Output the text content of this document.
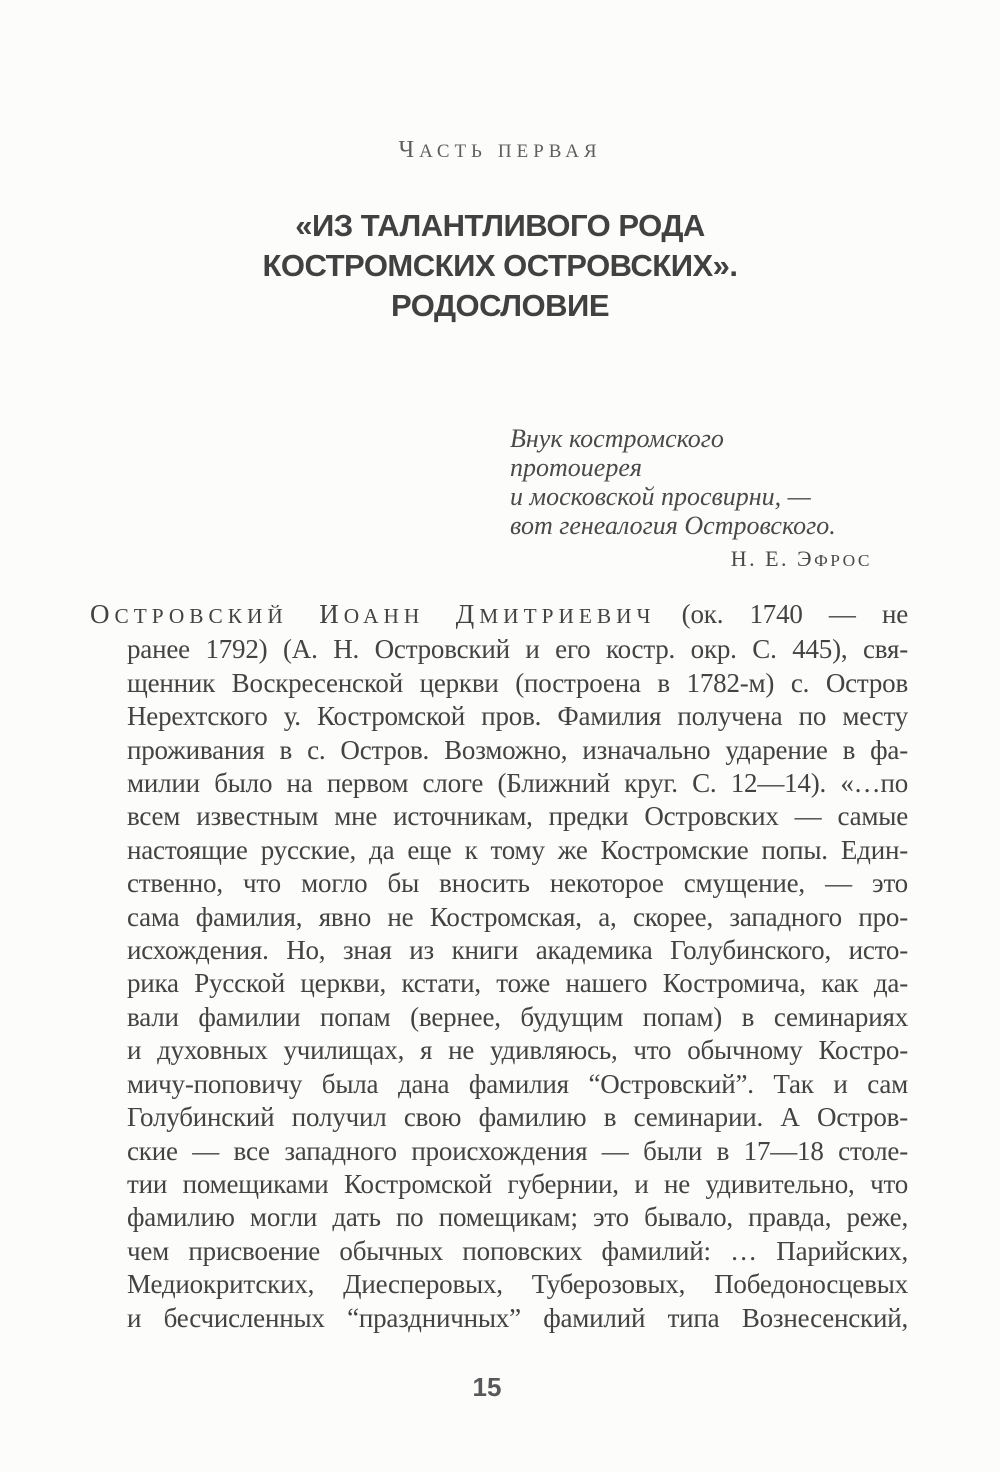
ЧАСТЬ ПЕРВАЯ
«ИЗ ТАЛАНТЛИВОГО РОДА
КОСТРОМСКИХ ОСТРОВСКИХ».
РОДОСЛОВИЕ
Внук костромского
протоиерея
и московской просвирни, —
вот генеалогия Островского.
Н. Е. ЭФРОС
ОСТРОВСКИЙ ИОАНН ДМИТРИЕВИЧ (ок. 1740 — не
ранее 1792) (А. Н. Островский и его костр. окр. С. 445), свя-
щенник Воскресенской церкви (построена в 1782-м) с. Остров
Нерехтского у. Костромской пров. Фамилия получена по месту
проживания в с. Остров. Возможно, изначально ударение в фа-
милии было на первом слоге (Ближний круг. С. 12—14). «…по
всем известным мне источникам, предки Островских — самые
настоящие русские, да еще к тому же Костромские попы. Един-
ственно, что могло бы вносить некоторое смущение, — это
сама фамилия, явно не Костромская, а, скорее, западного про-
исхождения. Но, зная из книги академика Голубинского, исто-
рика Русской церкви, кстати, тоже нашего Костромича, как да-
вали фамилии попам (вернее, будущим попам) в семинариях
и духовных училищах, я не удивляюсь, что обычному Костро-
мичу-поповичу была дана фамилия “Островский”. Так и сам
Голубинский получил свою фамилию в семинарии. А Остров-
ские — все западного происхождения — были в 17—18 столе-
тии помещиками Костромской губернии, и не удивительно, что
фамилию могли дать по помещикам; это бывало, правда, реже,
чем присвоение обычных поповских фамилий: … Парийских,
Медиокритских, Диесперовых, Туберозовых, Победоносцевых
и бесчисленных “праздничных” фамилий типа Вознесенский,
15
